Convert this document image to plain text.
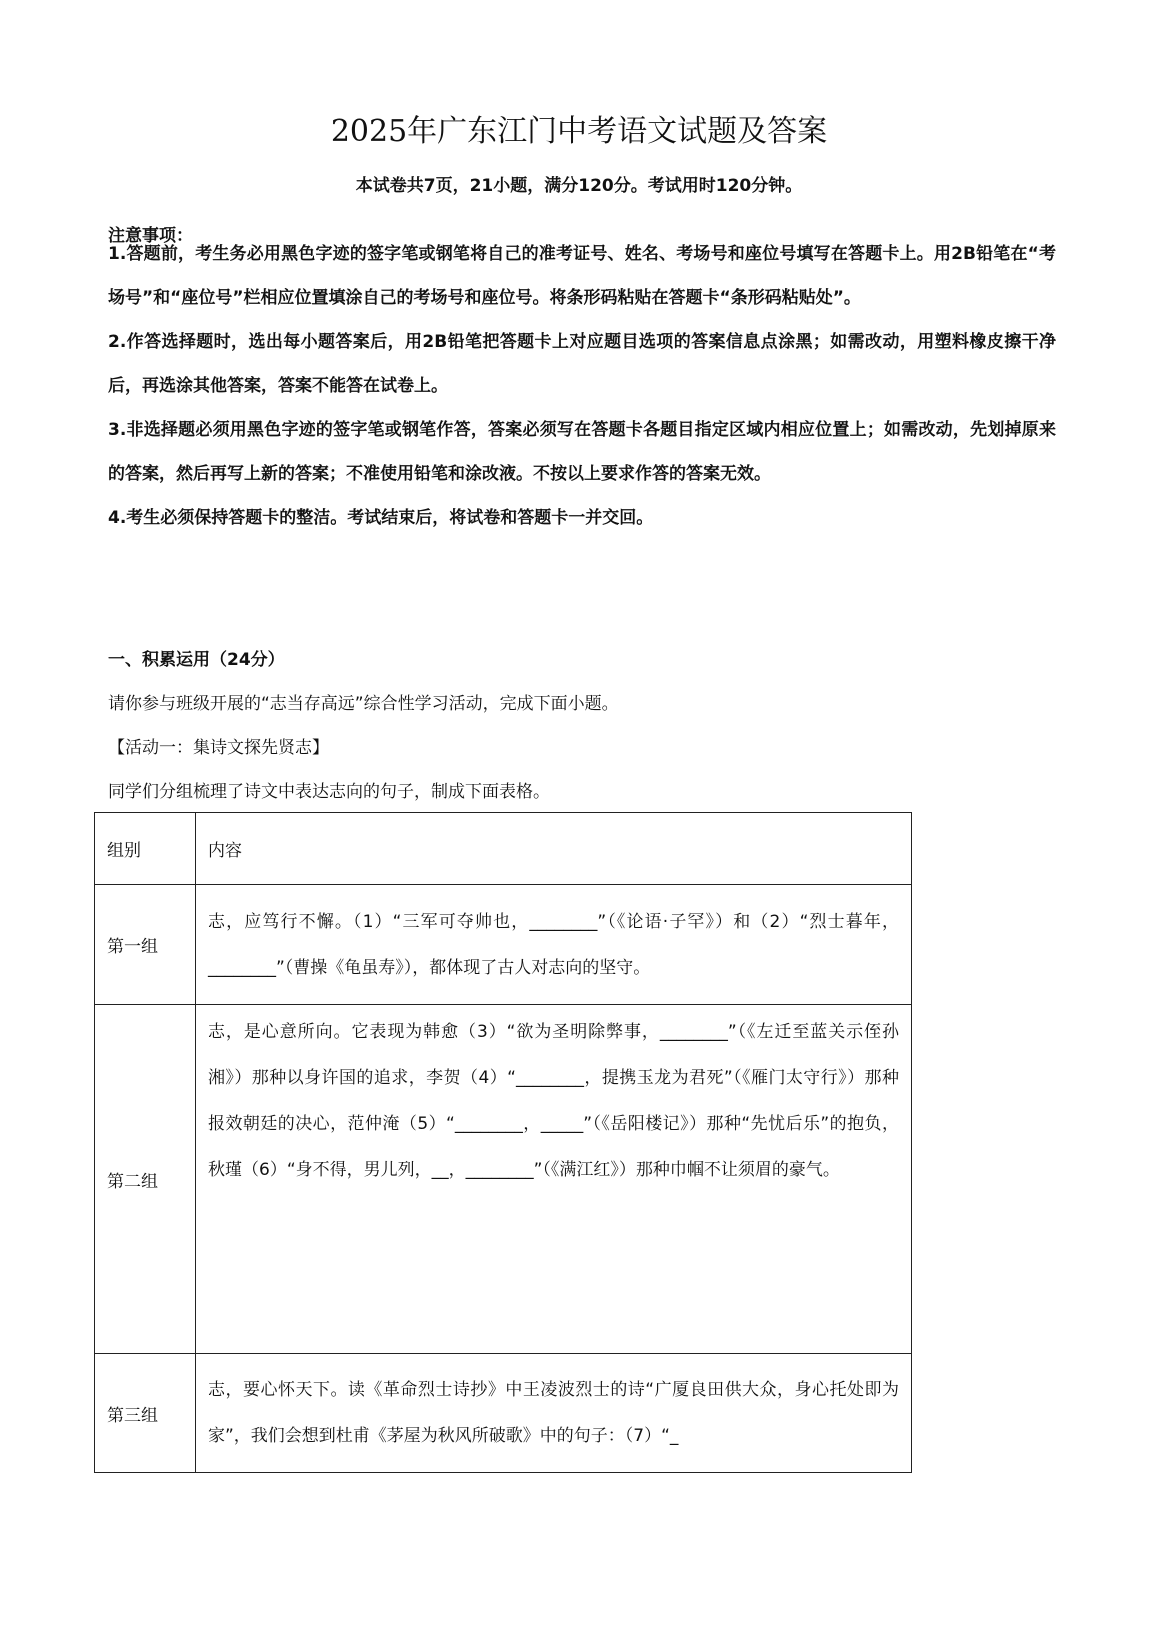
2025年广东江门中考语文试题及答案
本试卷共7页，21小题，满分120分。考试用时120分钟。
注意事项：

1.答题前，考生务必用黑色字迹的签字笔或钢笔将自己的准考证号、姓名、考场号和座位号填写在答题卡上。用2B铅笔在“考场号”和“座位号”栏相应位置填涂自己的考场号和座位号。将条形码粘贴在答题卡“条形码粘贴处”。

2.作答选择题时，选出每小题答案后，用2B铅笔把答题卡上对应题目选项的答案信息点涂黑；如需改动，用塑料橡皮擦干净后，再选涂其他答案，答案不能答在试卷上。

3.非选择题必须用黑色字迹的签字笔或钢笔作答，答案必须写在答题卡各题目指定区域内相应位置上；如需改动，先划掉原来的答案，然后再写上新的答案；不准使用铅笔和涂改液。不按以上要求作答的答案无效。

4.考生必须保持答题卡的整洁。考试结束后，将试卷和答题卡一并交回。

一、积累运用（24分）
请你参与班级开展的“志当存高远”综合性学习活动，完成下面小题。
【活动一：集诗文探先贤志】
同学们分组梳理了诗文中表达志向的句子，制成下面表格。
组别	内容
第一组	志，应笃行不懈。（1）“三军可夺帅也，________”（《论语·子罕》）和（2）“烈士暮年，________”（曹操《龟虽寿》），都体现了古人对志向的坚守。

第二组	志，是心意所向。它表现为韩愈（3）“欲为圣明除弊事，________”（《左迁至蓝关示侄孙湘》）那种以身许国的追求，李贺（4）“________，提携玉龙为君死”（《雁门太守行》）那种报效朝廷的决心，范仲淹（5）“________，_____”（《岳阳楼记》）那种“先忧后乐”的抱负，秋瑾（6）“身不得，男儿列，__，________”（《满江红》）那种巾帼不让须眉的豪气。

第三组	志，要心怀天下。读《革命烈士诗抄》中王凌波烈士的诗“广厦良田供大众，身心托处即为家”，我们会想到杜甫《茅屋为秋风所破歌》中的句子：（7）“_
